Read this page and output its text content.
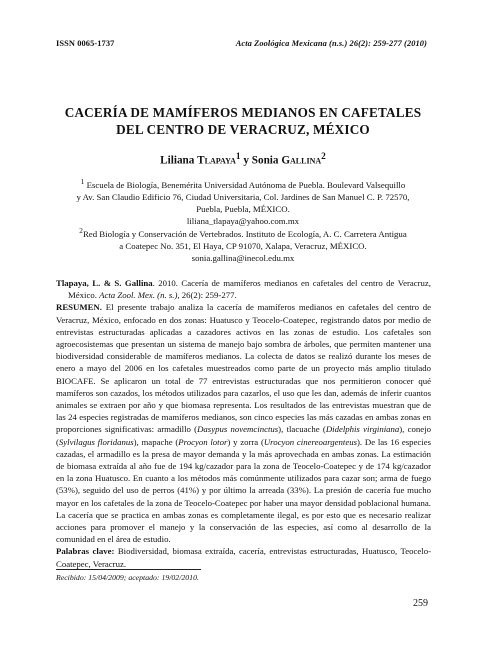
ISSN 0065-1737	Acta Zoológica Mexicana (n.s.) 26(2): 259-277 (2010)
CACERÍA DE MAMÍFEROS MEDIANOS EN CAFETALES
DEL CENTRO DE VERACRUZ, MÉXICO
Liliana Tlapaya$^1$ y Sonia Gallina$^2$
$^1$ Escuela de Biología, Benemérita Universidad Autónoma de Puebla. Boulevard Valsequillo
y Av. San Claudio Edificio 76, Ciudad Universitaria, Col. Jardines de San Manuel C. P. 72570,
Puebla, Puebla, MÉXICO.
liliana_tlapaya@yahoo.com.mx
$^2$Red Biología y Conservación de Vertebrados. Instituto de Ecología, A. C. Carretera Antigua
a Coatepec No. 351, El Haya, CP 91070, Xalapa, Veracruz, MÉXICO.
sonia.gallina@inecol.edu.mx

Tlapaya, L. & S. Gallina. 2010. Cacería de mamíferos medianos en cafetales del centro de Veracruz, México. Acta Zool. Mex. (n. s.), 26(2): 259-277.

RESUMEN. El presente trabajo analiza la cacería de mamíferos medianos en cafetales del centro de Veracruz, México, enfocado en dos zonas: Huatusco y Teocelo-Coatepec, registrando datos por medio de entrevistas estructuradas aplicadas a cazadores activos en las zonas de estudio. Los cafetales son agroecosistemas que presentan un sistema de manejo bajo sombra de árboles, que permiten mantener una biodiversidad considerable de mamíferos medianos. La colecta de datos se realizó durante los meses de enero a mayo del 2006 en los cafetales muestreados como parte de un proyecto más amplio titulado BIOCAFE. Se aplicaron un total de 77 entrevistas estructuradas que nos permitieron conocer qué mamíferos son cazados, los métodos utilizados para cazarlos, el uso que les dan, además de inferir cuantos animales se extraen por año y que biomasa representa. Los resultados de las entrevistas muestran que de las 24 especies registradas de mamíferos medianos, son cinco especies las más cazadas en ambas zonas en proporciones significativas: armadillo (Dasypus novemcinctus), tlacuache (Didelphis virginiana), conejo (Sylvilagus floridanus), mapache (Procyon lotor) y zorra (Urocyon cinereoargenteus). De las 16 especies cazadas, el armadillo es la presa de mayor demanda y la más aprovechada en ambas zonas. La estimación de biomasa extraída al año fue de 194 kg/cazador para la zona de Teocelo-Coatepec y de 174 kg/cazador en la zona Huatusco. En cuanto a los métodos más comúnmente utilizados para cazar son; arma de fuego (53%), seguido del uso de perros (41%) y por último la arreada (33%). La presión de cacería fue mucho mayor en los cafetales de la zona de Teocelo-Coatepec por haber una mayor densidad poblacional humana. La cacería que se practica en ambas zonas es completamente ilegal, es por esto que es necesario realizar acciones para promover el manejo y la conservación de las especies, así como al desarrollo de la comunidad en el área de estudio.

Palabras clave: Biodiversidad, biomasa extraída, cacería, entrevistas estructuradas, Huatusco, Teocelo-Coatepec, Veracruz.

Recibido: 15/04/2009; aceptado: 19/02/2010.
259
